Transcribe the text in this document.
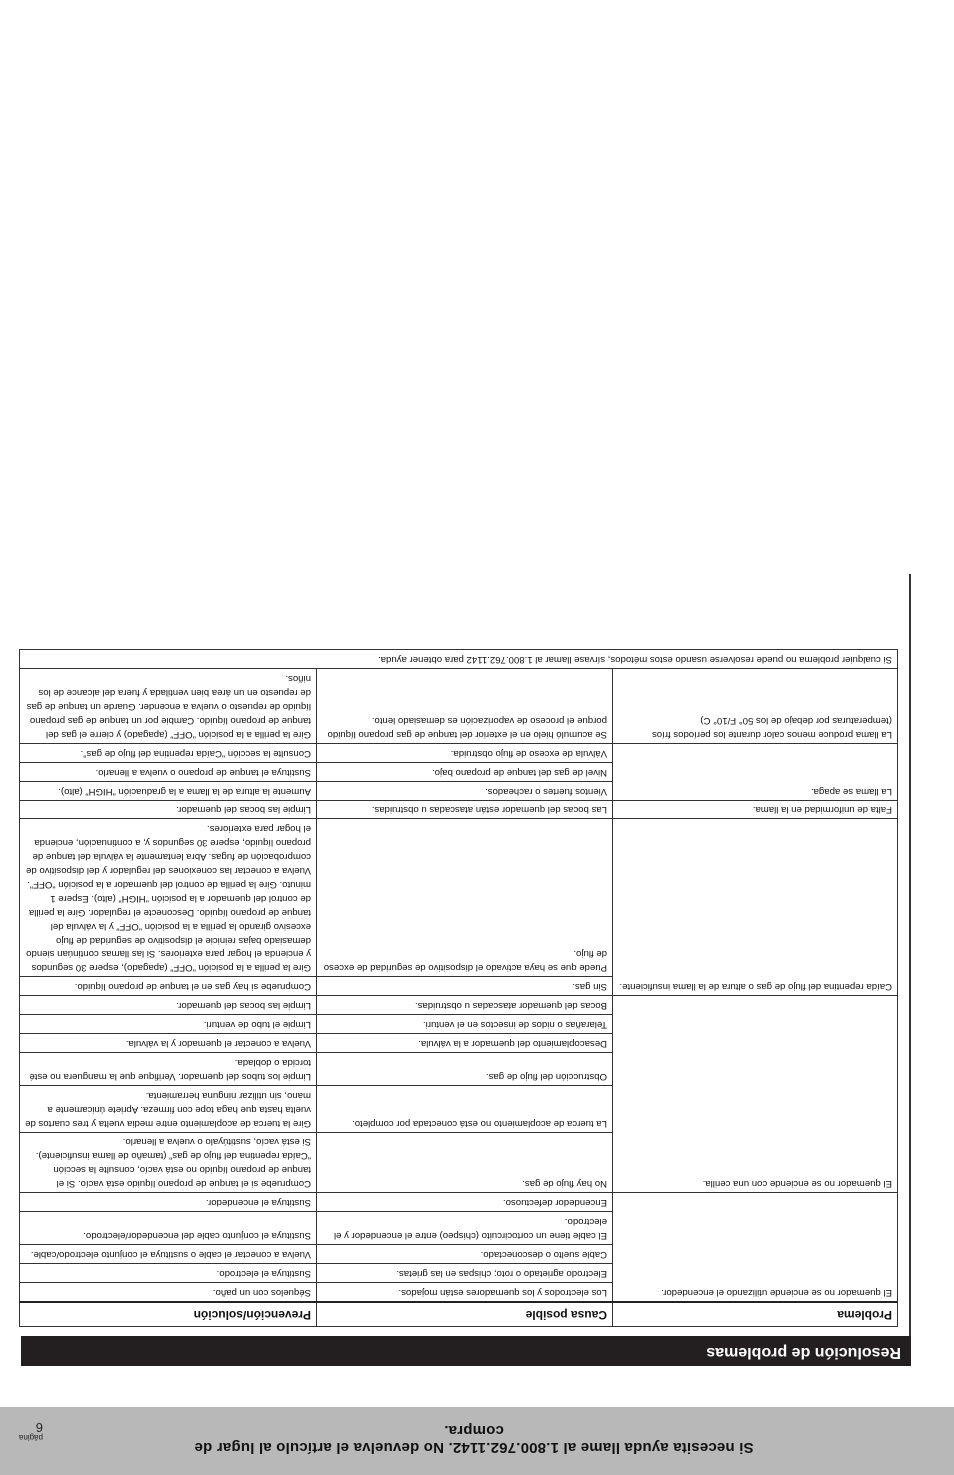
página
6
Si necesita ayuda llame al 1.800.762.1142. No devuelva el artículo al lugar de compra.
Resolución de problemas
Problema	Causa posible	Prevención/solución
El quemador no se enciende utilizando el encendedor.	Los electrodos y los quemadores están mojados.	Séquelos con un paño.
	Electrodo agrietado o roto; chispas en las grietas.	Sustituya el electrodo.
	Cable suelto o desconectado.	Vuelva a conectar el cable o sustituya el conjunto electrodo/cable.
	El cable tiene un cortocircuito (chispeo) entre el encendedor y el electrodo.	Sustituya el conjunto cable del encendedor/electrodo.
	Encendedor defectuoso.	Sustituya el encendedor.
El quemador no se enciende con una cerilla.	No hay flujo de gas.	Compruebe si el tanque de propano líquido está vacío. Si el tanque de propano líquido no está vacío, consulte la sección “Caída repentina del flujo de gas” (tamaño de llama insuficiente). Si está vacío, sustitúyalo o vuelva a llenarlo.
	La tuerca de acoplamiento no está conectada por completo.	Gire la tuerca de acoplamiento entre media vuelta y tres cuartos de vuelta hasta que haga tope con firmeza. Apriete únicamente a mano, sin utilizar ninguna herramienta.
	Obstrucción del flujo de gas.	Limpie los tubos del quemador. Verifique que la manguera no esté torcida o doblada.
	Desacoplamiento del quemador a la válvula.	Vuelva a conectar el quemador y la válvula.
	Telarañas o nidos de insectos en el venturi.	Limpie el tubo de venturi.
	Bocas del quemador atascadas u obstruidas.	Limpie las bocas del quemador.
Caída repentina del flujo de gas o altura de la llama insuficiente.	Sin gas.	Compruebe si hay gas en el tanque de propano líquido.
	Puede que se haya activado el dispositivo de seguridad de exceso de flujo.	Gire la perilla a la posición “OFF” (apagado), espere 30 segundos y encienda el hogar para exteriores. Si las llamas continúan siendo demasiado bajas reinicie el dispositivo de seguridad de flujo excesivo girando la perilla a la posición “OFF” y la válvula del tanque de propano líquido. Desconecte el regulador. Gire la perilla de control del quemador a la posición “HIGH” (alto). Espere 1 minuto. Gire la perilla de control del quemador a la posición “OFF”. Vuelva a conectar las conexiones del regulador y del dispositivo de comprobación de fugas. Abra lentamente la válvula del tanque de propano líquido, espere 30 segundos y, a continuación, encienda el hogar para exteriores.
Falta de uniformidad en la llama.	Las bocas del quemador están atascadas u obstruidas.	Limpie las bocas del quemador.
La llama se apaga.	Vientos fuertes o racheados.	Aumente la altura de la llama a la graduación “HIGH” (alto).
	Nivel de gas del tanque de propano bajo.	Sustituya el tanque de propano o vuelva a llenarlo.
	Válvula de exceso de flujo obstruida.	Consulte la sección “Caída repentina del flujo de gas”.
La llama produce menos calor durante los períodos fríos (temperaturas por debajo de los 50° F/10° C)	Se acumuló hielo en el exterior del tanque de gas propano líquido porque el proceso de vaporización es demasiado lento.	Gire la perilla a la posición “OFF” (apagado) y cierre el gas del tanque de propano líquido. Cambie por un tanque de gas propano líquido de repuesto o vuelva a encender. Guarde un tanque de gas de repuesto en un área bien ventilada y fuera del alcance de los niños.
Si cualquier problema no puede resolverse usando estos métodos, sírvase llamar al 1.800.762.1142 para obtener ayuda.		
